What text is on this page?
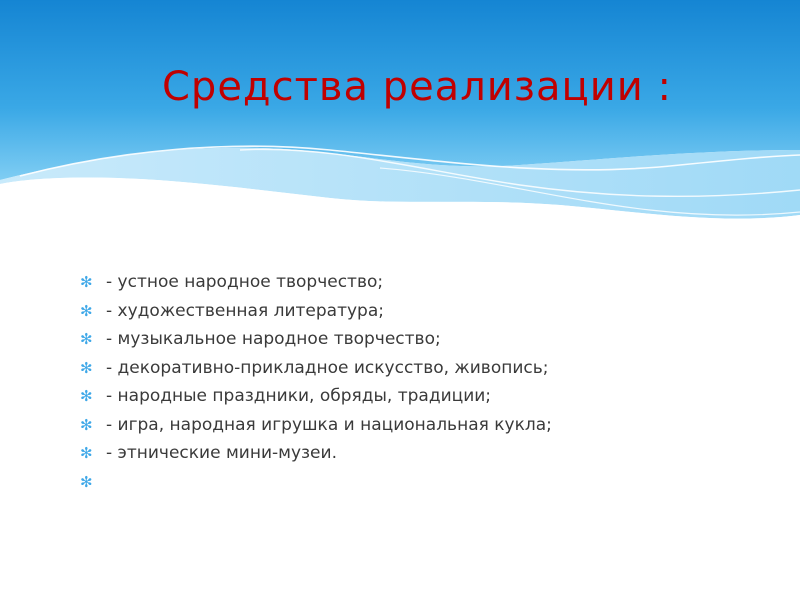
Средства реализации :
✻ - устное народное творчество;
✻ - художественная литература;
✻ - музыкальное народное творчество;
✻ - декоративно-прикладное искусство, живопись;
✻ - народные праздники, обряды, традиции;
✻ - игра, народная игрушка и национальная кукла;
✻ - этнические мини-музеи.
✻
